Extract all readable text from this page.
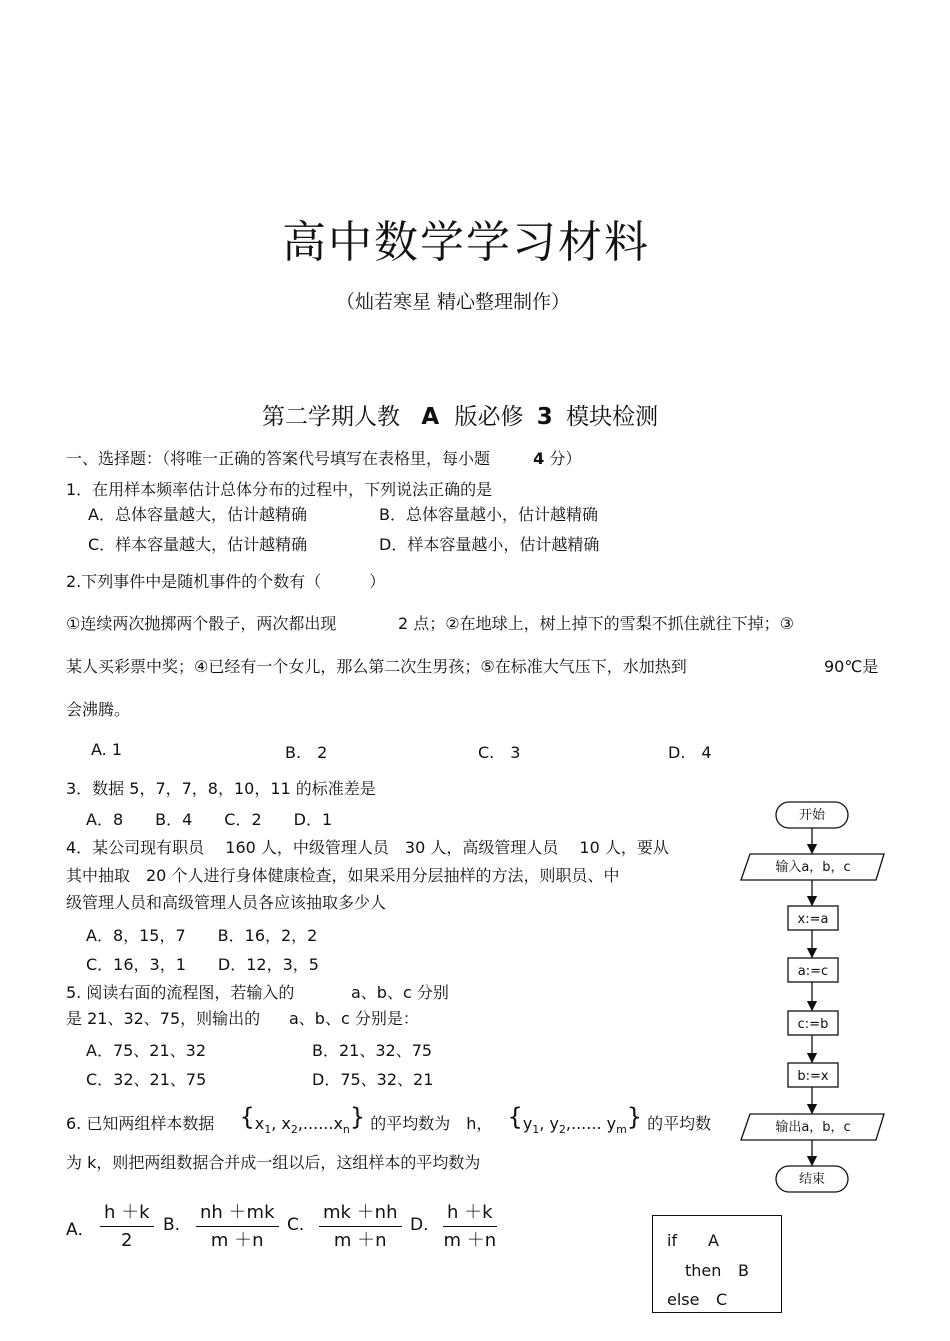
高中数学学习材料
（灿若寒星 精心整理制作）
第二学期人教 A 版必修 3 模块检测
一、选择题：（将唯一正确的答案代号填写在表格里，每小题	4 分）
1．在用样本频率估计总体分布的过程中，下列说法正确的是
A．总体容量越大，估计越精确	B．总体容量越小，估计越精确
C．样本容量越大，估计越精确	D．样本容量越小，估计越精确
2.下列事件中是随机事件的个数有（　　　）
①连续两次抛掷两个骰子，两次都出现	2 点；②在地球上，树上掉下的雪梨不抓住就往下掉；③
某人买彩票中奖；④已经有一个女儿，那么第二次生男孩；⑤在标准大气压下，水加热到	90℃是
会沸腾。
A. 1	B.　2	C.　3	D.　4
3．数据 5，7，7，8，10，11 的标准差是
A．8　　B．4　　C．2　　D．1
4．某公司现有职员　 160 人，中级管理人员　30 人，高级管理人员　 10 人，要从
其中抽取　20 个人进行身体健康检查，如果采用分层抽样的方法，则职员、中
级管理人员和高级管理人员各应该抽取多少人
A．8，15，7　　B．16，2，2
C．16，3，1　　D．12，3，5
5. 阅读右面的流程图，若输入的	a、b、c 分别
是 21、32、75，则输出的 a、b、c 分别是：
A．75、21、32	B．21、32、75
C．32、21、75	D．75、32、21
6. 已知两组样本数据 {$x_1$, $x_2,......x_n$} 的平均数为　h， {$y_1$, $y_2$,...... $y_m$} 的平均数
为 k，则把两组数据合并成一组以后，这组样本的平均数为
A． $\frac{h +k}{2} B$. $\frac{nh +mk}{m +n} C$. $\frac{mk +nh}{m +n} D$. $\frac{h +k}{m +n}$
开始
输入a，b，c
x:=a
a:=c
c:=b
b:=x
输出a，b，c
结束
if A
then B
else C
